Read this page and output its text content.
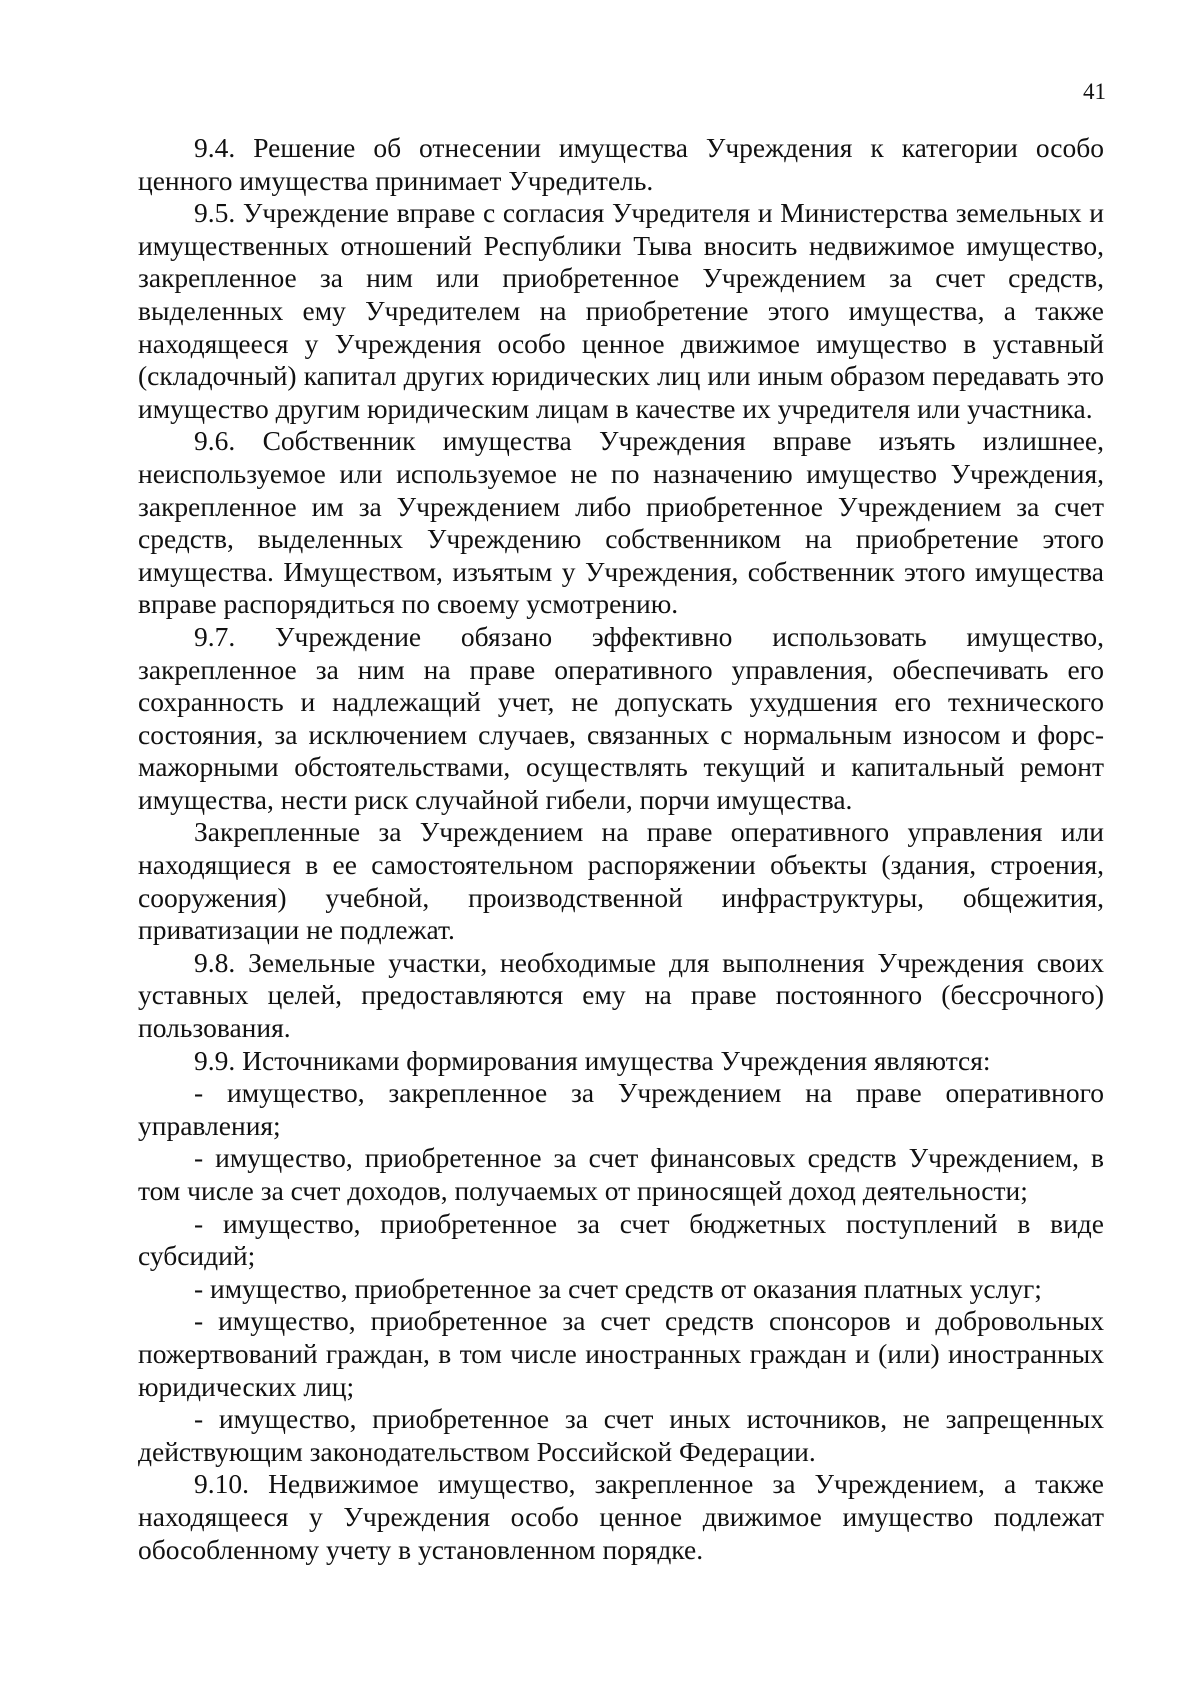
41

9.4. Решение об отнесении имущества Учреждения к категории особо ценного имущества принимает Учредитель.

9.5. Учреждение вправе с согласия Учредителя и Министерства земельных и имущественных отношений Республики Тыва вносить недвижимое имущество, закрепленное за ним или приобретенное Учреждением за счет средств, выделенных ему Учредителем на приобретение этого имущества, а также находящееся у Учреждения особо ценное движимое имущество в уставный (складочный) капитал других юридических лиц или иным образом передавать это имущество другим юридическим лицам в качестве их учредителя или участника.

9.6. Собственник имущества Учреждения вправе изъять излишнее, неиспользуемое или используемое не по назначению имущество Учреждения, закрепленное им за Учреждением либо приобретенное Учреждением за счет средств, выделенных Учреждению собственником на приобретение этого имущества. Имуществом, изъятым у Учреждения, собственник этого имущества вправе распорядиться по своему усмотрению.

9.7. Учреждение обязано эффективно использовать имущество, закрепленное за ним на праве оперативного управления, обеспечивать его сохранность и надлежащий учет, не допускать ухудшения его технического состояния, за исключением случаев, связанных с нормальным износом и форс-мажорными обстоятельствами, осуществлять текущий и капитальный ремонт имущества, нести риск случайной гибели, порчи имущества.

Закрепленные за Учреждением на праве оперативного управления или находящиеся в ее самостоятельном распоряжении объекты (здания, строения, сооружения) учебной, производственной инфраструктуры, общежития, приватизации не подлежат.

9.8. Земельные участки, необходимые для выполнения Учреждения своих уставных целей, предоставляются ему на праве постоянного (бессрочного) пользования.

9.9. Источниками формирования имущества Учреждения являются:

- имущество, закрепленное за Учреждением на праве оперативного управления;

- имущество, приобретенное за счет финансовых средств Учреждением, в том числе за счет доходов, получаемых от приносящей доход деятельности;

- имущество, приобретенное за счет бюджетных поступлений в виде субсидий;

- имущество, приобретенное за счет средств от оказания платных услуг;

- имущество, приобретенное за счет средств спонсоров и добровольных пожертвований граждан, в том числе иностранных граждан и (или) иностранных юридических лиц;

- имущество, приобретенное за счет иных источников, не запрещенных действующим законодательством Российской Федерации.

9.10. Недвижимое имущество, закрепленное за Учреждением, а также находящееся у Учреждения особо ценное движимое имущество подлежат обособленному учету в установленном порядке.
